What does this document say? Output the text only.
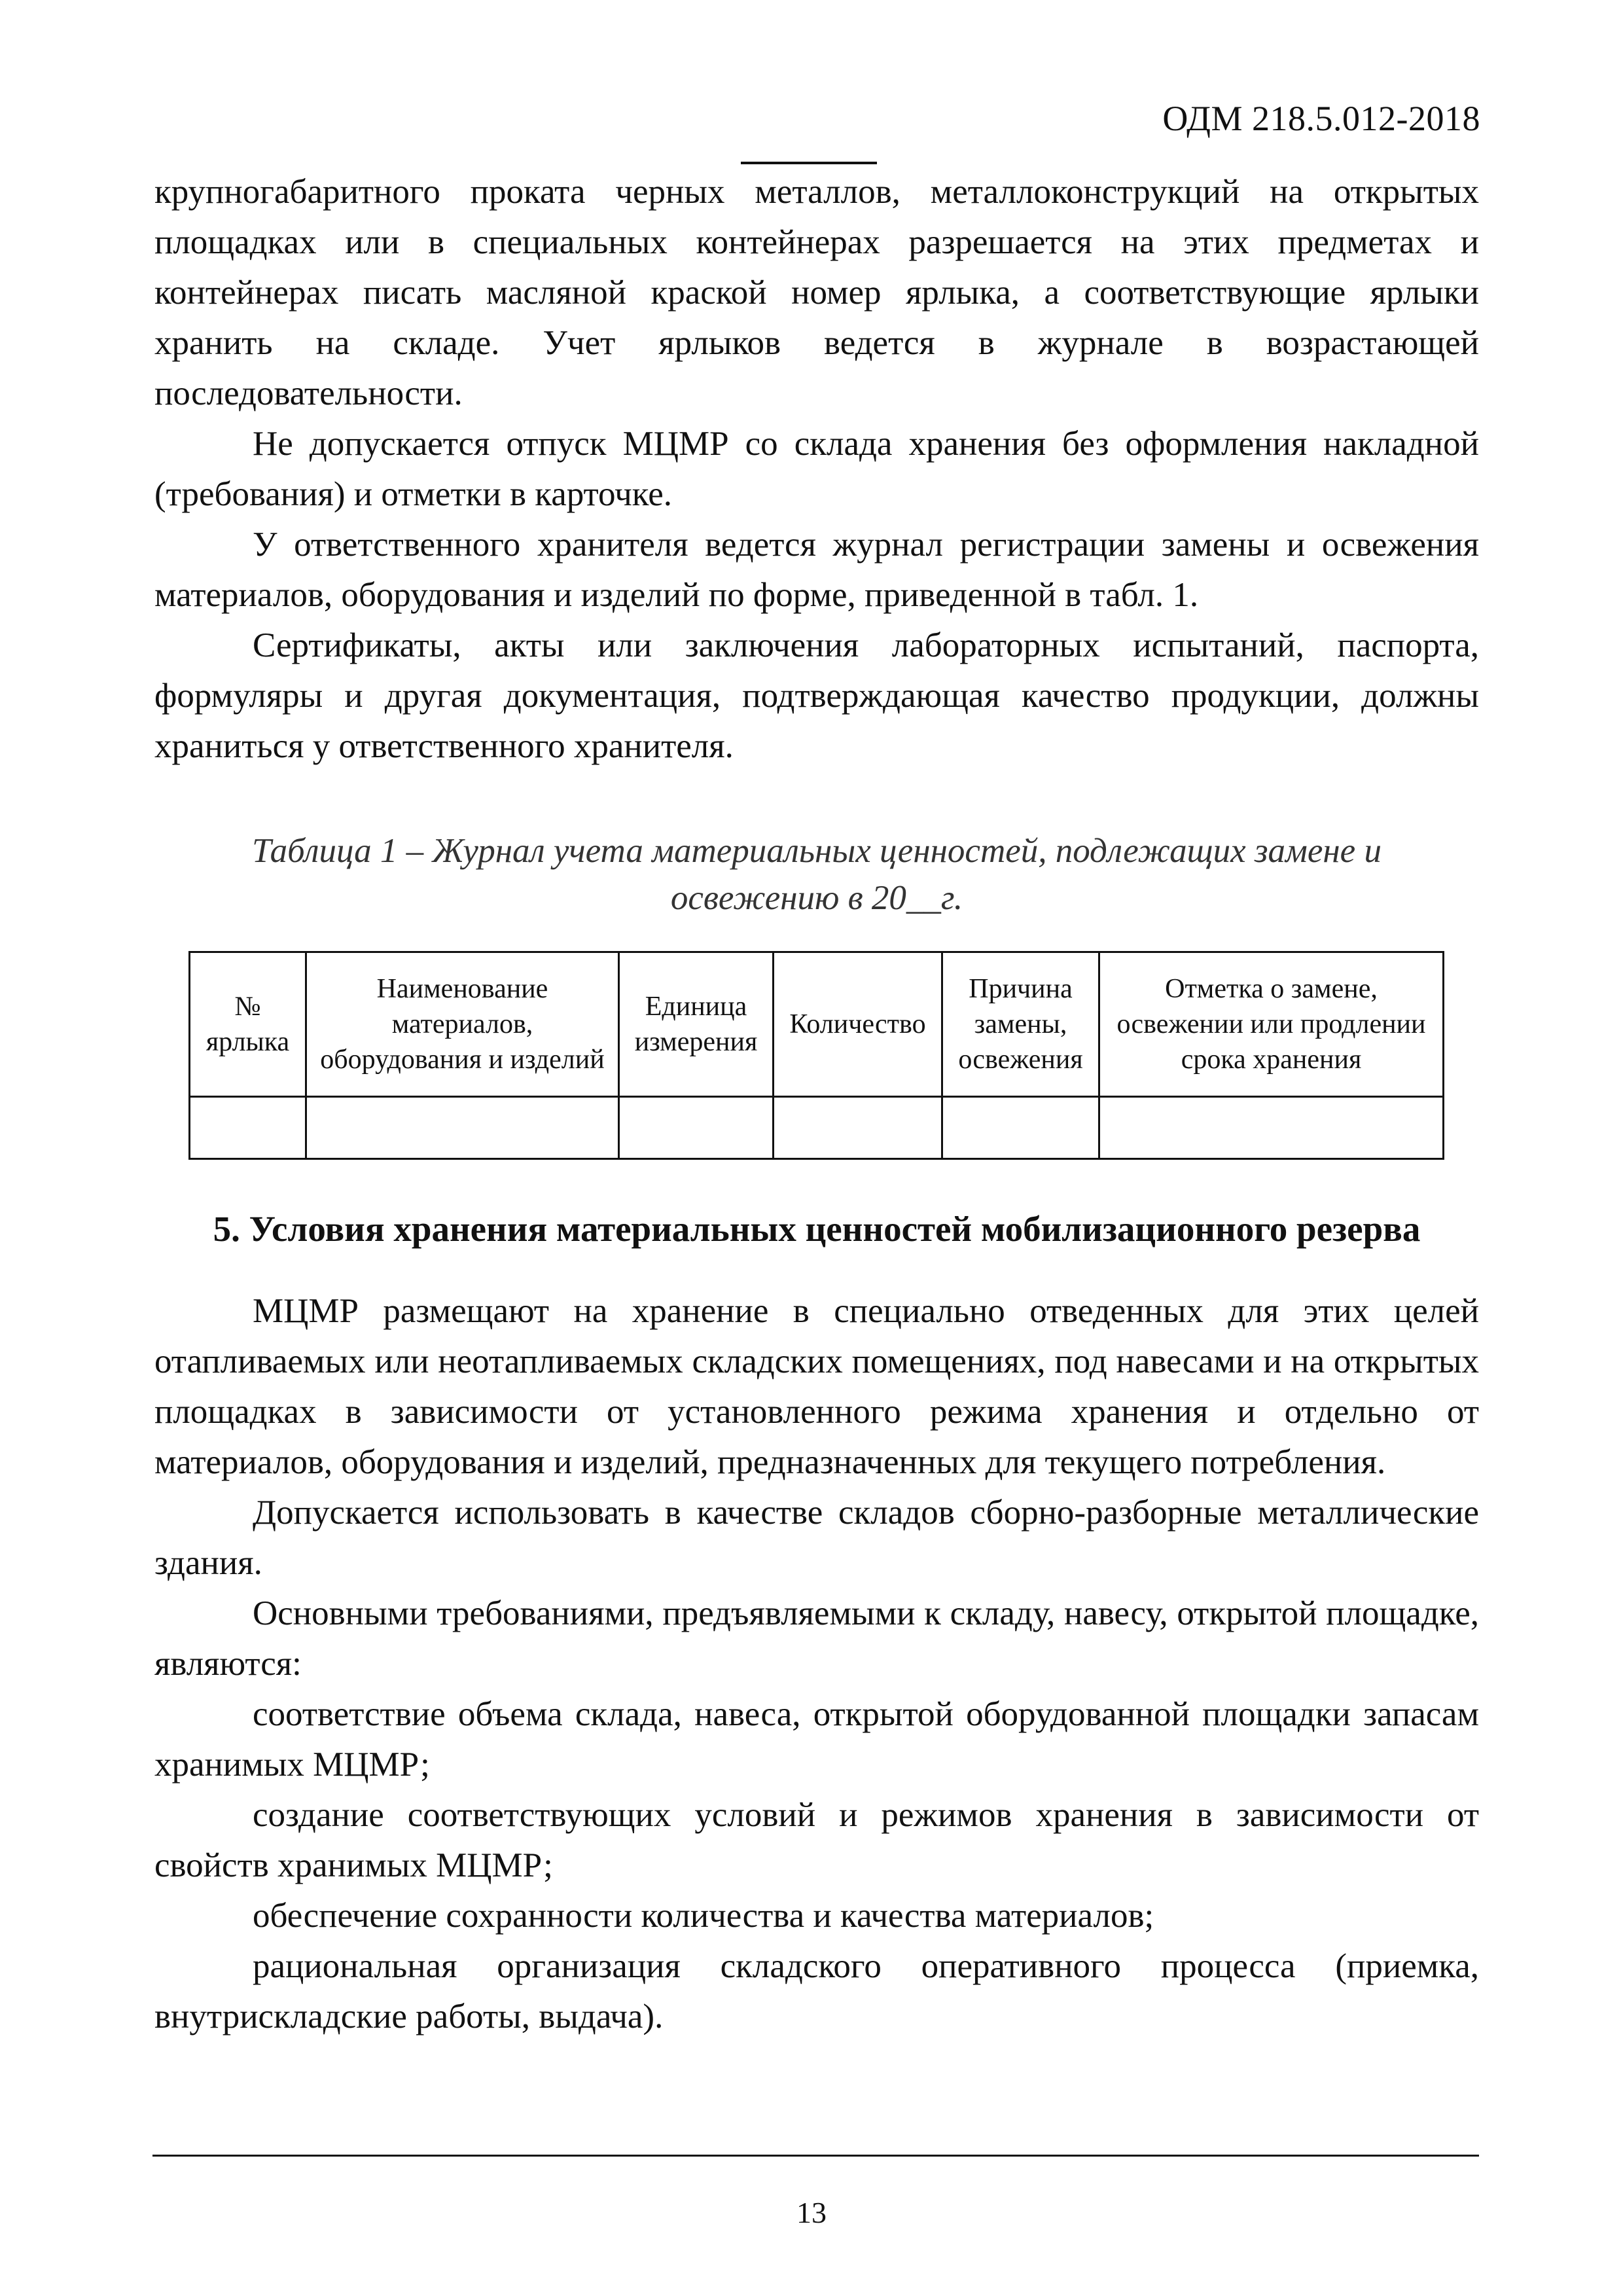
ОДМ 218.5.012-2018

крупногабаритного проката черных металлов, металлоконструкций на открытых площадках или в специальных контейнерах разрешается на этих предметах и контейнерах писать масляной краской номер ярлыка, а соответствующие ярлыки хранить на складе. Учет ярлыков ведется в журнале в возрастающей последовательности.

Не допускается отпуск МЦМР со склада хранения без оформления накладной (требования) и отметки в карточке.

У ответственного хранителя ведется журнал регистрации замены и освежения материалов, оборудования и изделий по форме, приведенной в табл. 1.

Сертификаты, акты или заключения лабораторных испытаний, паспорта, формуляры и другая документация, подтверждающая качество продукции, должны храниться у ответственного хранителя.

Таблица 1 – Журнал учета материальных ценностей, подлежащих замене и
освежению в 20__г.
№ ярлыка	Наименование материалов, оборудования и изделий	Единица измерения	Количество	Причина замены, освежения	Отметка о замене, освежении или продлении срока хранения

5. Условия хранения материальных ценностей мобилизационного резерва

МЦМР размещают на хранение в специально отведенных для этих целей отапливаемых или неотапливаемых складских помещениях, под навесами и на открытых площадках в зависимости от установленного режима хранения и отдельно от материалов, оборудования и изделий, предназначенных для текущего потребления.

Допускается использовать в качестве складов сборно-разборные металлические здания.

Основными требованиями, предъявляемыми к складу, навесу, открытой площадке, являются:

соответствие объема склада, навеса, открытой оборудованной площадки запасам хранимых МЦМР;

создание соответствующих условий и режимов хранения в зависимости от свойств хранимых МЦМР;

обеспечение сохранности количества и качества материалов;

рациональная организация складского оперативного процесса (приемка, внутрискладские работы, выдача).

13
